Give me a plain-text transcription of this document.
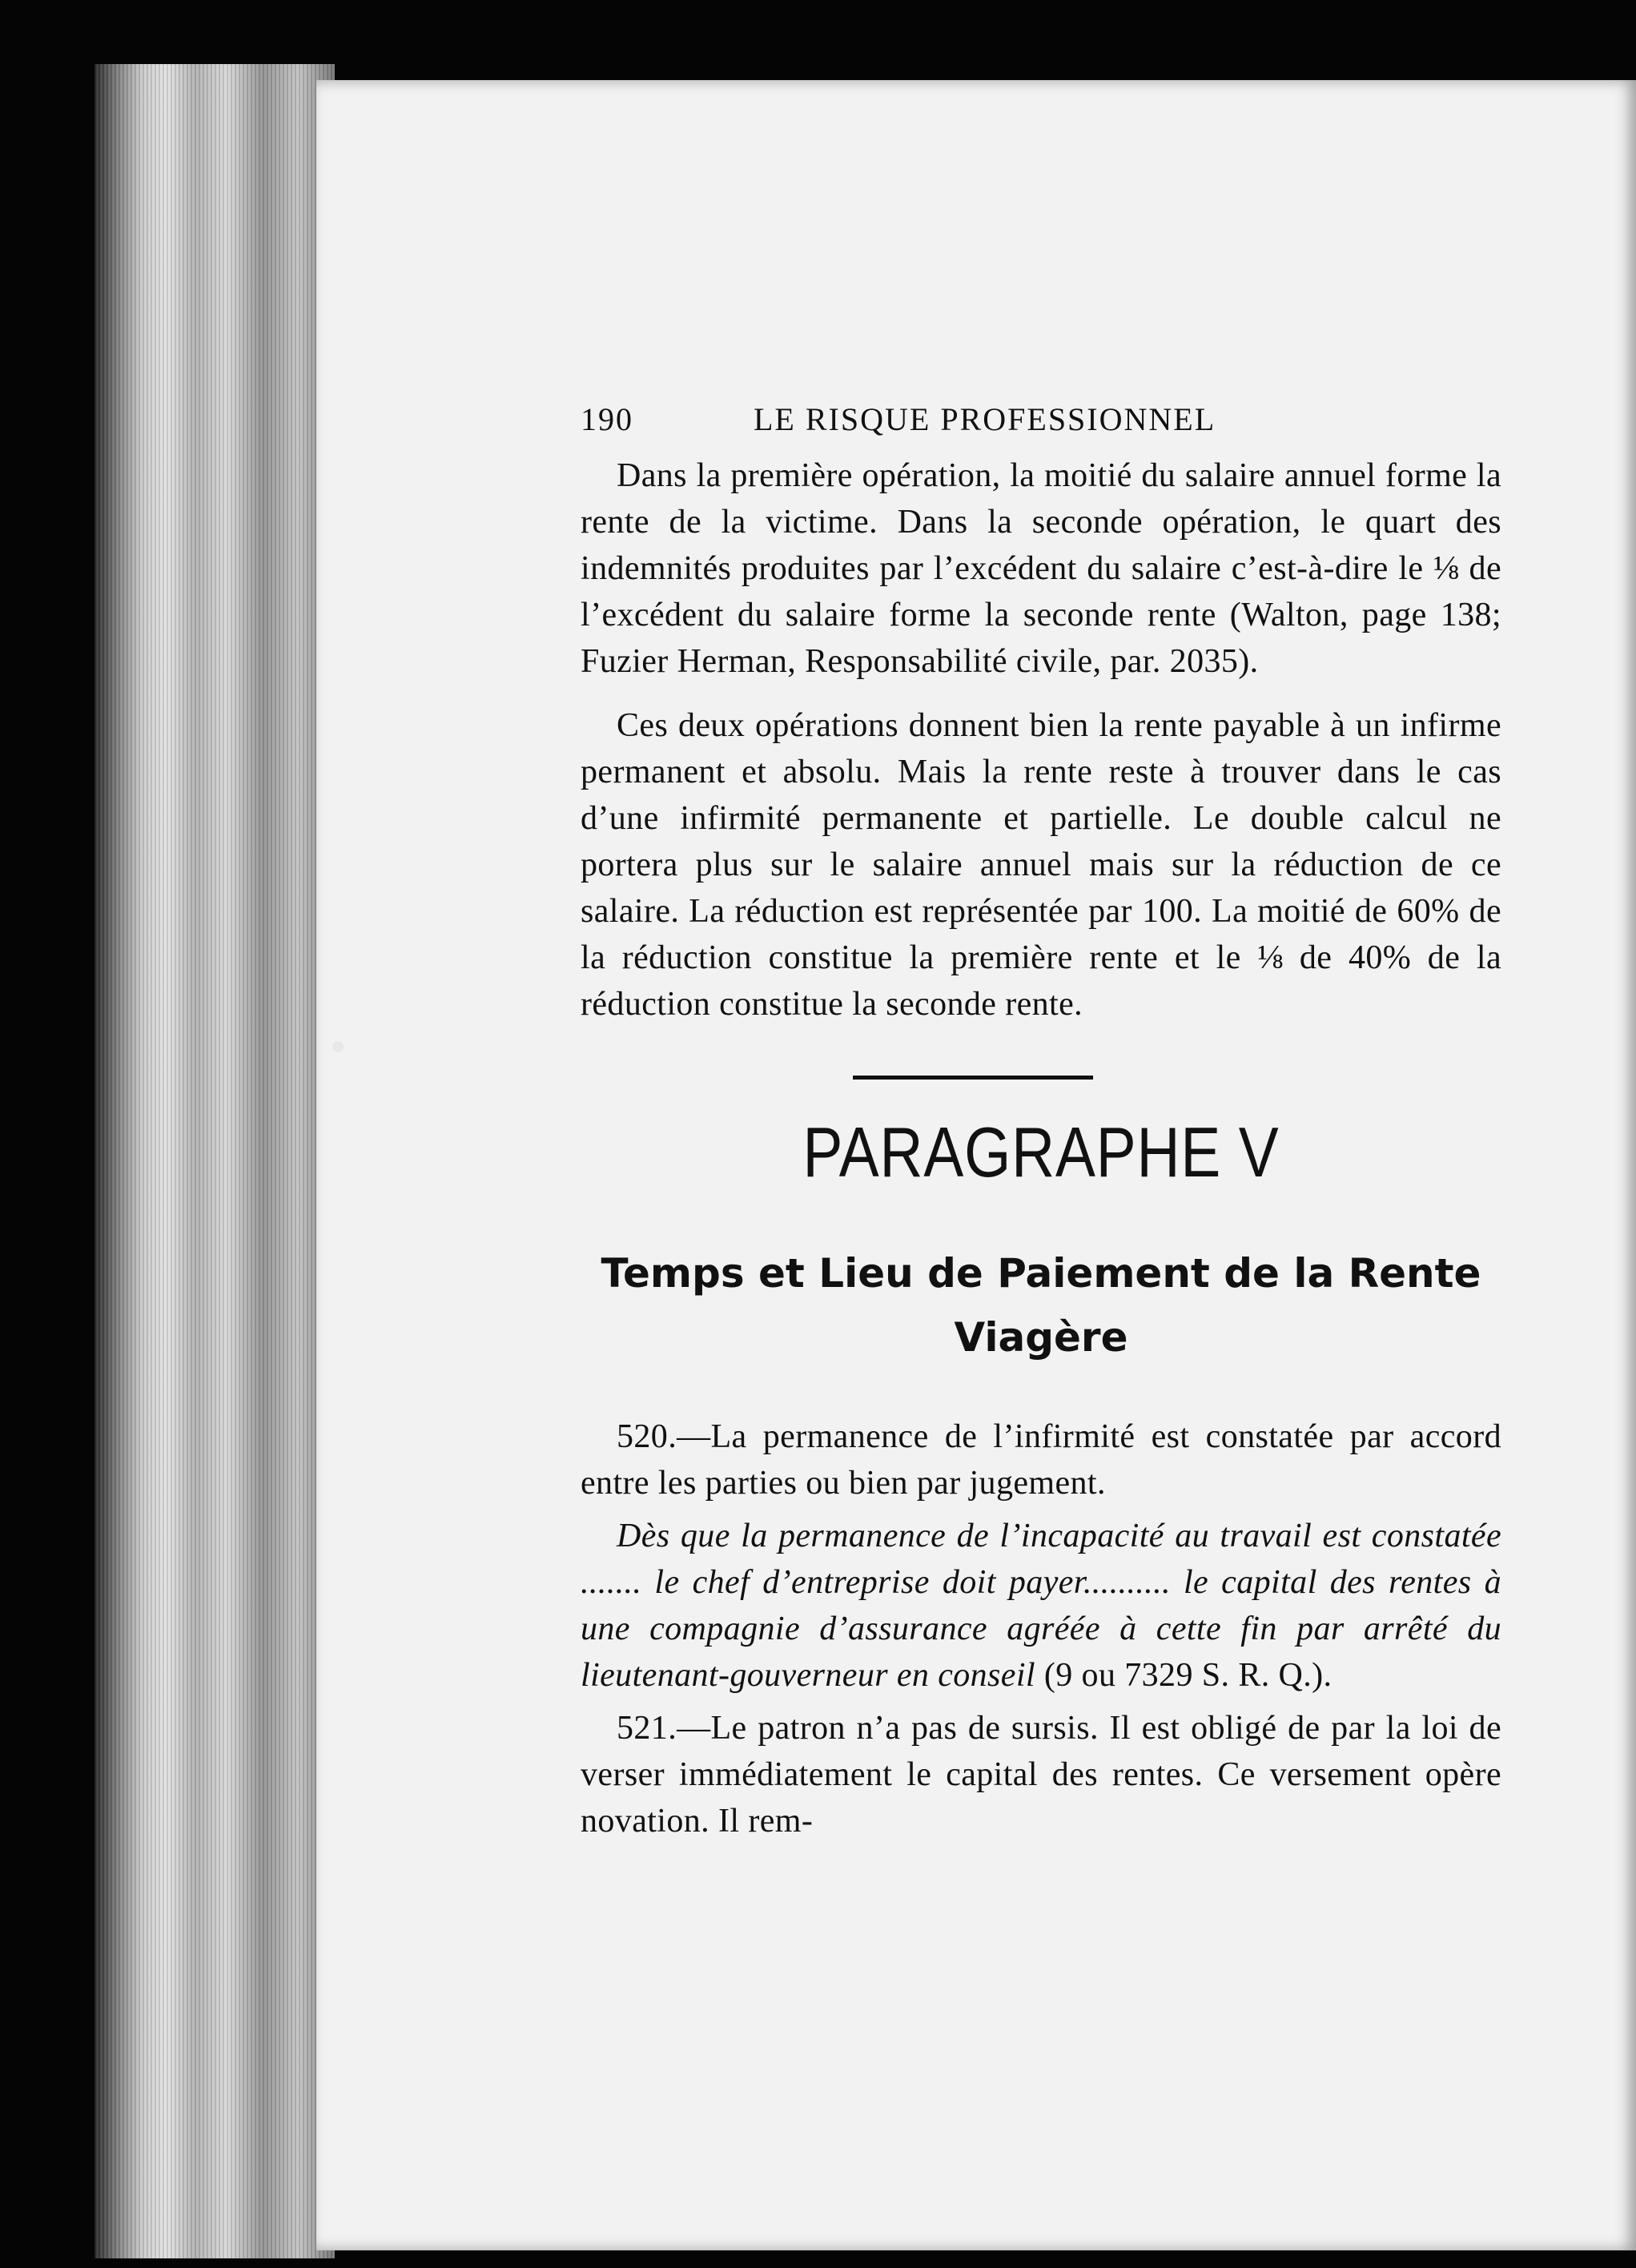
190	LE RISQUE PROFESSIONNEL

Dans la première opération, la moitié du salaire annuel forme la rente de la victime. Dans la seconde opération, le quart des indemnités produites par l’excédent du salaire c’est-à-dire le ⅛ de l’excédent du salaire forme la seconde rente (Walton, page 138; Fuzier Herman, Responsabilité civile, par. 2035).

Ces deux opérations donnent bien la rente payable à un infirme permanent et absolu. Mais la rente reste à trouver dans le cas d’une infirmité permanente et partielle. Le double calcul ne portera plus sur le salaire annuel mais sur la réduction de ce salaire. La réduction est représentée par 100. La moitié de 60% de la réduction constitue la première rente et le ⅛ de 40% de la réduction constitue la seconde rente.

PARAGRAPHE V
Temps et Lieu de Paiement de la Rente Viagère

520.—La permanence de l’infirmité est constatée par accord entre les parties ou bien par jugement.

Dès que la permanence de l’incapacité au travail est constatée ....... le chef d’entreprise doit payer.......... le capital des rentes à une compagnie d’assurance agréée à cette fin par arrêté du lieutenant-gouverneur en conseil (9 ou 7329 S. R. Q.).

521.—Le patron n’a pas de sursis. Il est obligé de par la loi de verser immédiatement le capital des rentes. Ce versement opère novation. Il rem-
